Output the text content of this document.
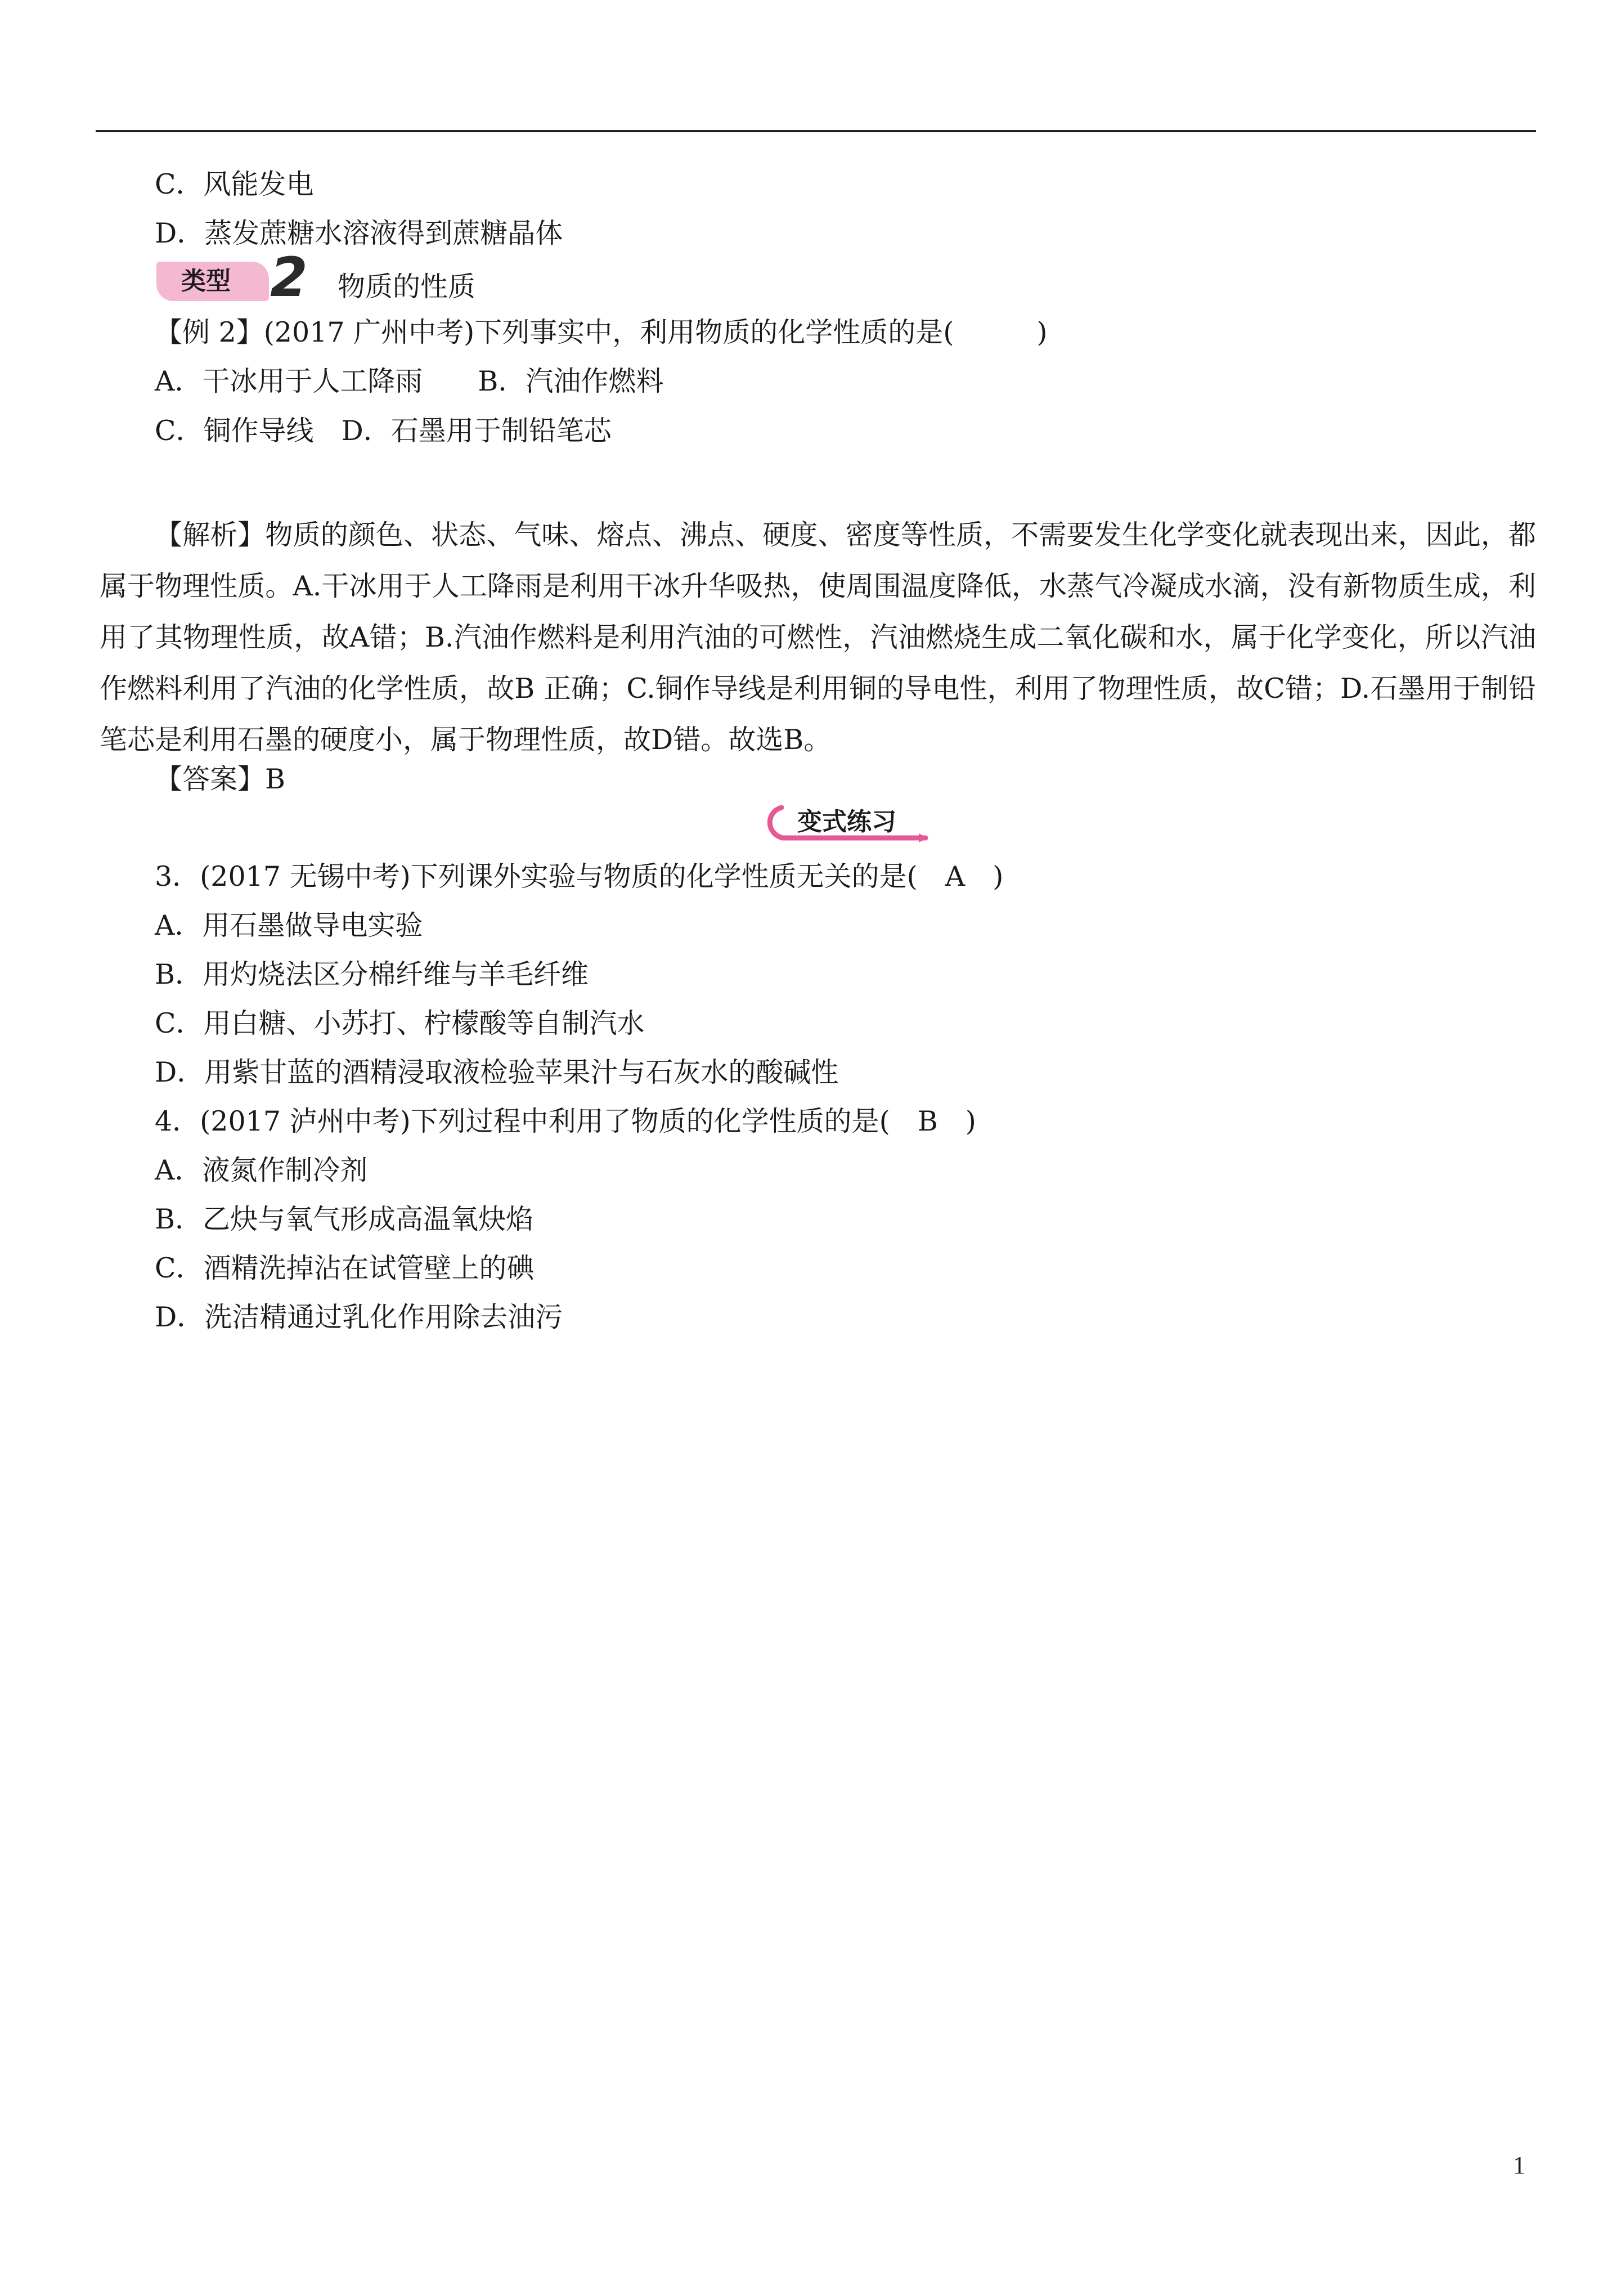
C．风能发电
D．蒸发蔗糖水溶液得到蔗糖晶体
类型 2 物质的性质
【例 2】(2017 广州中考)下列事实中，利用物质的化学性质的是(　　　)
A．干冰用于人工降雨　　B．汽油作燃料
C．铜作导线　D．石墨用于制铅笔芯

【解析】物质的颜色、状态、气味、熔点、沸点、硬度、密度等性质，不需要发生化学变化就表现出来，因此，都属于物理性质。A.干冰用于人工降雨是利用干冰升华吸热，使周围温度降低，水蒸气冷凝成水滴，没有新物质生成，利用了其物理性质，故A错；B.汽油作燃料是利用汽油的可燃性，汽油燃烧生成二氧化碳和水，属于化学变化，所以汽油作燃料利用了汽油的化学性质，故B 正确；C.铜作导线是利用铜的导电性，利用了物理性质，故C错；D.石墨用于制铅笔芯是利用石墨的硬度小，属于物理性质，故D错。故选B。

【答案】B
变式练习
3．(2017 无锡中考)下列课外实验与物质的化学性质无关的是(　A　)
A．用石墨做导电实验
B．用灼烧法区分棉纤维与羊毛纤维
C．用白糖、小苏打、柠檬酸等自制汽水
D．用紫甘蓝的酒精浸取液检验苹果汁与石灰水的酸碱性
4．(2017 泸州中考)下列过程中利用了物质的化学性质的是(　B　)
A．液氮作制冷剂
B．乙炔与氧气形成高温氧炔焰
C．酒精洗掉沾在试管壁上的碘
D．洗洁精通过乳化作用除去油污
1
